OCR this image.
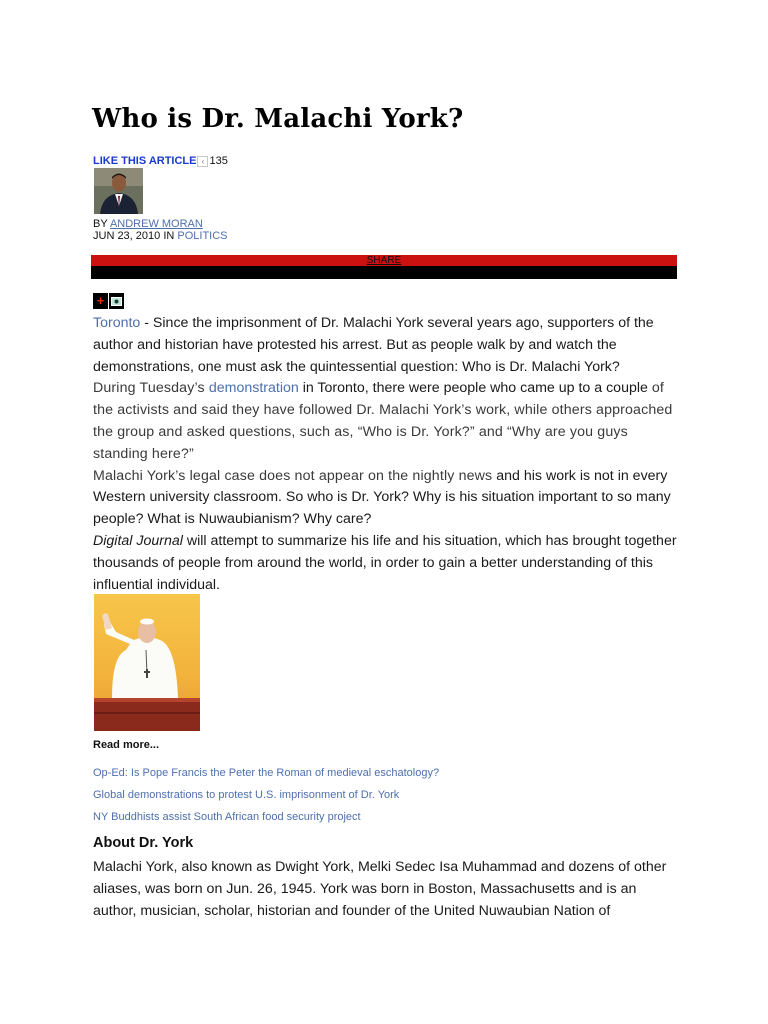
Who is Dr. Malachi York?
LIKE THIS ARTICLE ‹ 135
BY ANDREW MORAN
JUN 23, 2010 IN POLITICS
SHARE
+

Toronto - Since the imprisonment of Dr. Malachi York several years ago, supporters of the author and historian have protested his arrest. But as people walk by and watch the demonstrations, one must ask the quintessential question: Who is Dr. Malachi York?

During Tuesday’s demonstration in Toronto, there were people who came up to a couple of the activists and said they have followed Dr. Malachi York’s work, while others approached the group and asked questions, such as, “Who is Dr. York?” and “Why are you guys standing here?”

Malachi York’s legal case does not appear on the nightly news and his work is not in every Western university classroom. So who is Dr. York? Why is his situation important to so many people? What is Nuwaubianism? Why care?

Digital Journal will attempt to summarize his life and his situation, which has brought together thousands of people from around the world, in order to gain a better understanding of this influential individual.

Read more...
Op-Ed: Is Pope Francis the Peter the Roman of medieval eschatology?
Global demonstrations to protest U.S. imprisonment of Dr. York
NY Buddhists assist South African food security project
About Dr. York
Malachi York, also known as Dwight York, Melki Sedec Isa Muhammad and dozens of other aliases, was born on Jun. 26, 1945. York was born in Boston, Massachusetts and is an author, musician, scholar, historian and founder of the United Nuwaubian Nation of
